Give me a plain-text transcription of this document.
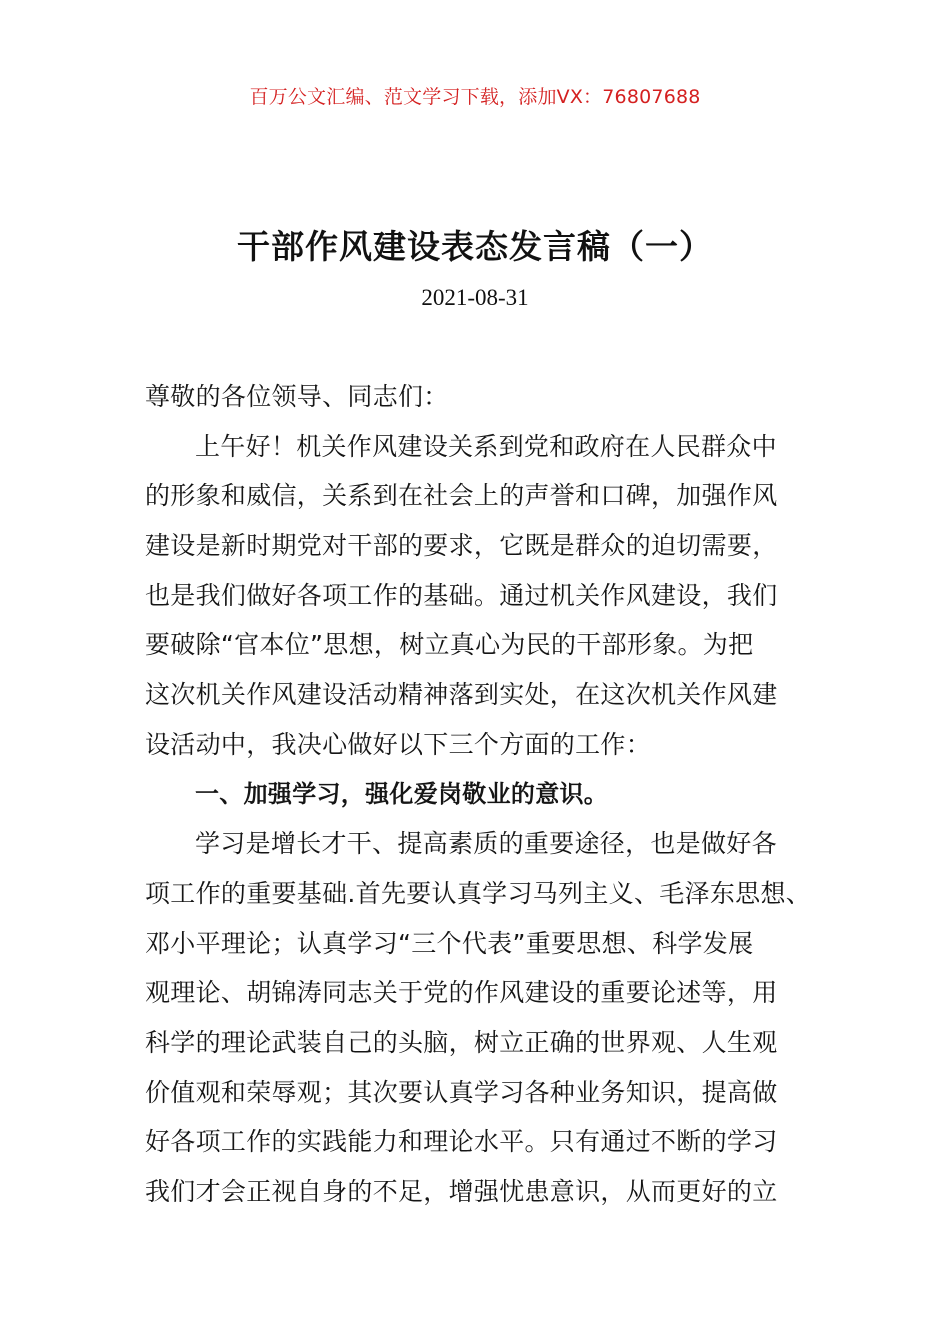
百万公文汇编、范文学习下载，添加VX：76807688
干部作风建设表态发言稿（一）
2021-08-31
尊敬的各位领导、同志们：
上午好！机关作风建设关系到党和政府在人民群众中
的形象和威信，关系到在社会上的声誉和口碑，加强作风
建设是新时期党对干部的要求，它既是群众的迫切需要，
也是我们做好各项工作的基础。通过机关作风建设，我们
要破除“官本位”思想，树立真心为民的干部形象。为把
这次机关作风建设活动精神落到实处，在这次机关作风建
设活动中，我决心做好以下三个方面的工作：
一、加强学习，强化爱岗敬业的意识。
学习是增长才干、提高素质的重要途径，也是做好各
项工作的重要基础.首先要认真学习马列主义、毛泽东思想、
邓小平理论；认真学习“三个代表”重要思想、科学发展
观理论、胡锦涛同志关于党的作风建设的重要论述等，用
科学的理论武装自己的头脑，树立正确的世界观、人生观
价值观和荣辱观；其次要认真学习各种业务知识，提高做
好各项工作的实践能力和理论水平。只有通过不断的学习
我们才会正视自身的不足，增强忧患意识，从而更好的立
